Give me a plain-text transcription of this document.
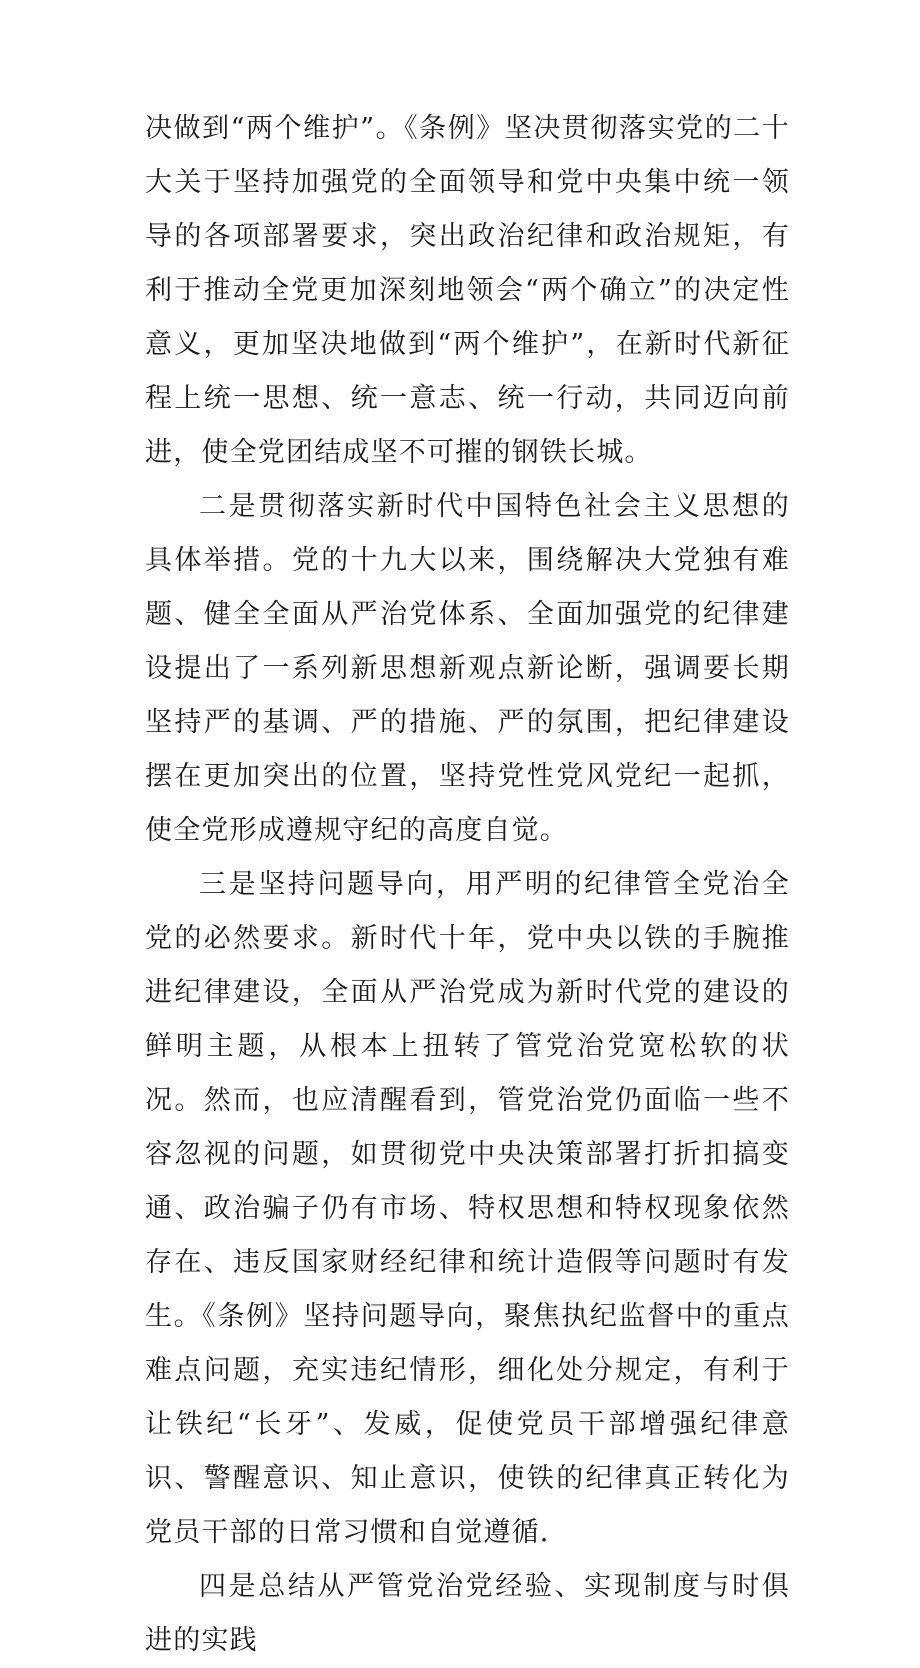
决做到“两个维护”。《条例》坚决贯彻落实党的二十大关于坚持加强党的全面领导和党中央集中统一领导的各项部署要求，突出政治纪律和政治规矩，有利于推动全党更加深刻地领会“两个确立”的决定性意义，更加坚决地做到“两个维护”，在新时代新征程上统一思想、统一意志、统一行动，共同迈向前进，使全党团结成坚不可摧的钢铁长城。

二是贯彻落实新时代中国特色社会主义思想的具体举措。党的十九大以来，围绕解决大党独有难题、健全全面从严治党体系、全面加强党的纪律建设提出了一系列新思想新观点新论断，强调要长期坚持严的基调、严的措施、严的氛围，把纪律建设摆在更加突出的位置，坚持党性党风党纪一起抓，使全党形成遵规守纪的高度自觉。

三是坚持问题导向，用严明的纪律管全党治全党的必然要求。新时代十年，党中央以铁的手腕推进纪律建设，全面从严治党成为新时代党的建设的鲜明主题，从根本上扭转了管党治党宽松软的状况。然而，也应清醒看到，管党治党仍面临一些不容忽视的问题，如贯彻党中央决策部署打折扣搞变通、政治骗子仍有市场、特权思想和特权现象依然存在、违反国家财经纪律和统计造假等问题时有发生。《条例》坚持问题导向，聚焦执纪监督中的重点难点问题，充实违纪情形，细化处分规定，有利于让铁纪“长牙”、发威，促使党员干部增强纪律意识、警醒意识、知止意识，使铁的纪律真正转化为党员干部的日常习惯和自觉遵循.

四是总结从严管党治党经验、实现制度与时俱进的实践
